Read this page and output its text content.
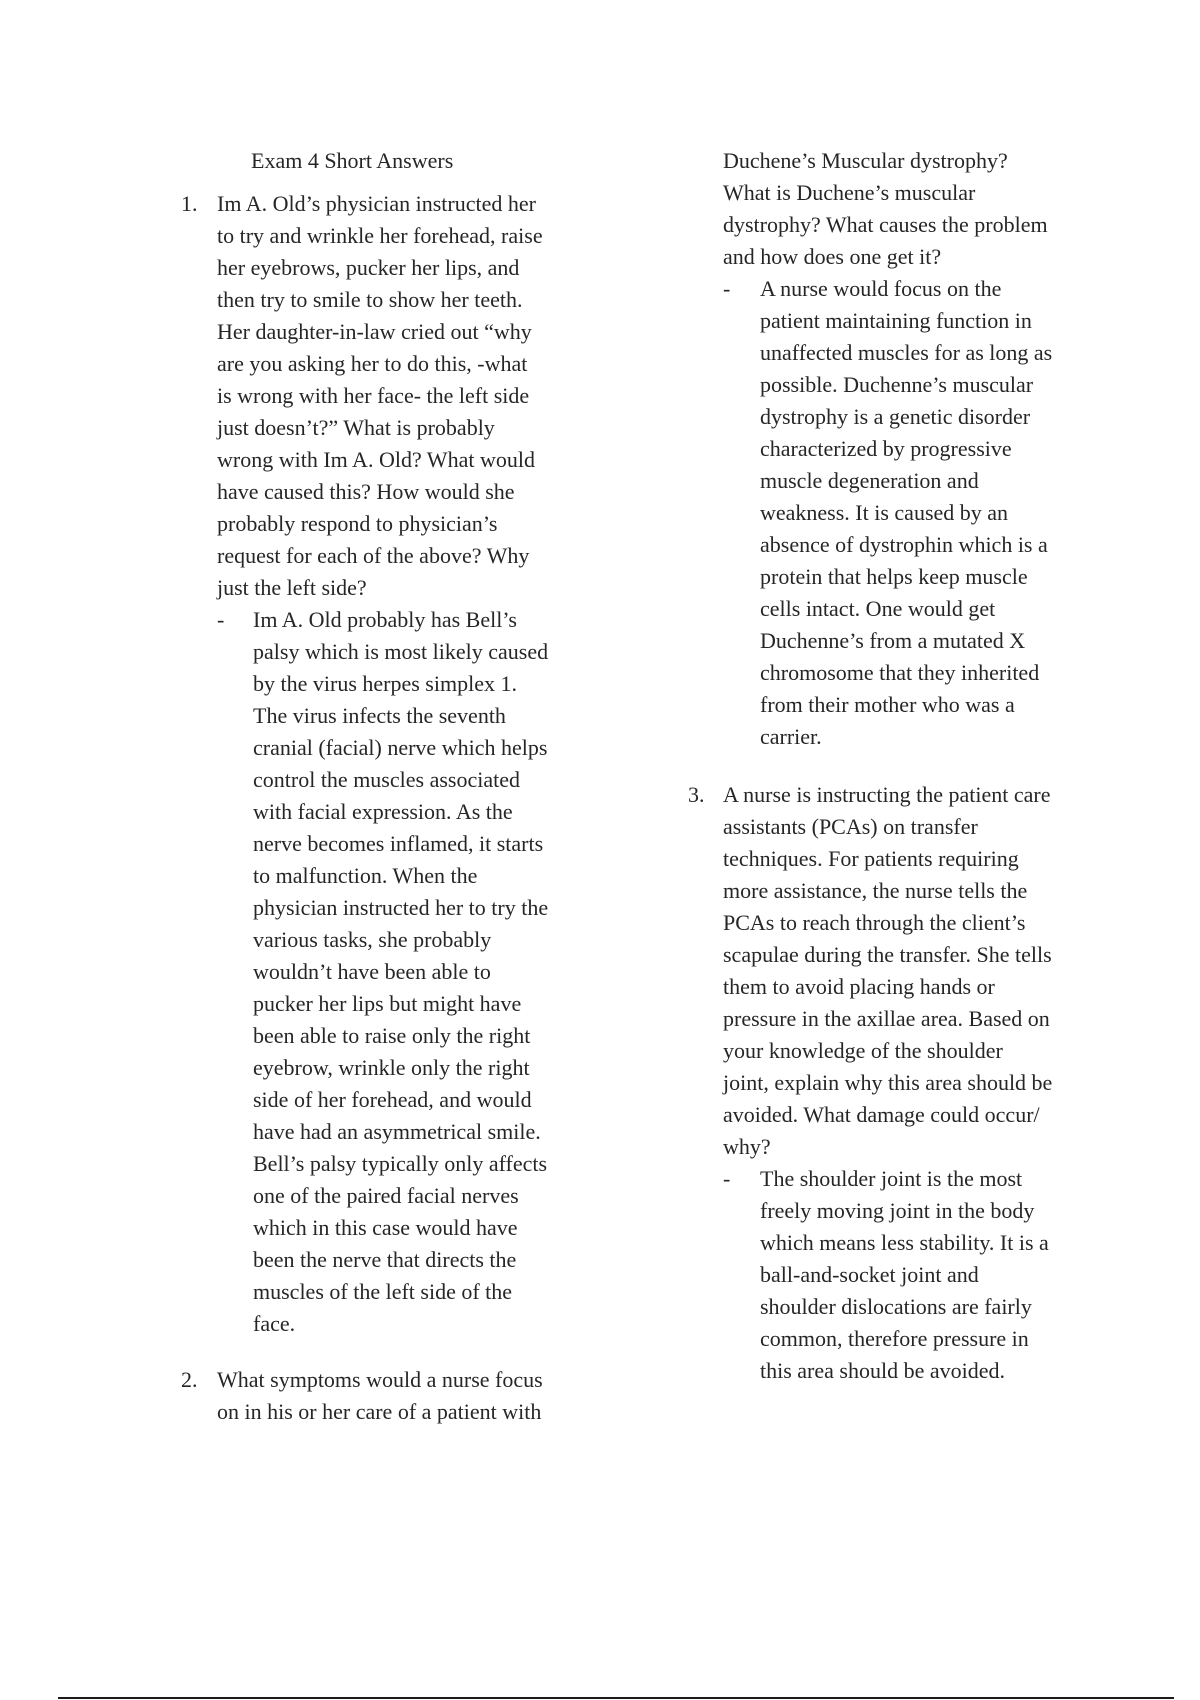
Exam 4 Short Answers
1. Im A. Old’s physician instructed her
to try and wrinkle her forehead, raise
her eyebrows, pucker her lips, and
then try to smile to show her teeth.
Her daughter-in-law cried out “why
are you asking her to do this, -what
is wrong with her face- the left side
just doesn’t?” What is probably
wrong with Im A. Old? What would
have caused this? How would she
probably respond to physician’s
request for each of the above? Why
just the left side?
-	Im A. Old probably has Bell’s
palsy which is most likely caused
by the virus herpes simplex 1.
The virus infects the seventh
cranial (facial) nerve which helps
control the muscles associated
with facial expression. As the
nerve becomes inflamed, it starts
to malfunction. When the
physician instructed her to try the
various tasks, she probably
wouldn’t have been able to
pucker her lips but might have
been able to raise only the right
eyebrow, wrinkle only the right
side of her forehead, and would
have had an asymmetrical smile.
Bell’s palsy typically only affects
one of the paired facial nerves
which in this case would have
been the nerve that directs the
muscles of the left side of the
face.
2. What symptoms would a nurse focus
on in his or her care of a patient with
Duchene’s Muscular dystrophy?
What is Duchene’s muscular
dystrophy? What causes the problem
and how does one get it?
-	A nurse would focus on the
patient maintaining function in
unaffected muscles for as long as
possible. Duchenne’s muscular
dystrophy is a genetic disorder
characterized by progressive
muscle degeneration and
weakness. It is caused by an
absence of dystrophin which is a
protein that helps keep muscle
cells intact. One would get
Duchenne’s from a mutated X
chromosome that they inherited
from their mother who was a
carrier.
3. A nurse is instructing the patient care
assistants (PCAs) on transfer
techniques. For patients requiring
more assistance, the nurse tells the
PCAs to reach through the client’s
scapulae during the transfer. She tells
them to avoid placing hands or
pressure in the axillae area. Based on
your knowledge of the shoulder
joint, explain why this area should be
avoided. What damage could occur/
why?
-	The shoulder joint is the most
freely moving joint in the body
which means less stability. It is a
ball-and-socket joint and
shoulder dislocations are fairly
common, therefore pressure in
this area should be avoided.
